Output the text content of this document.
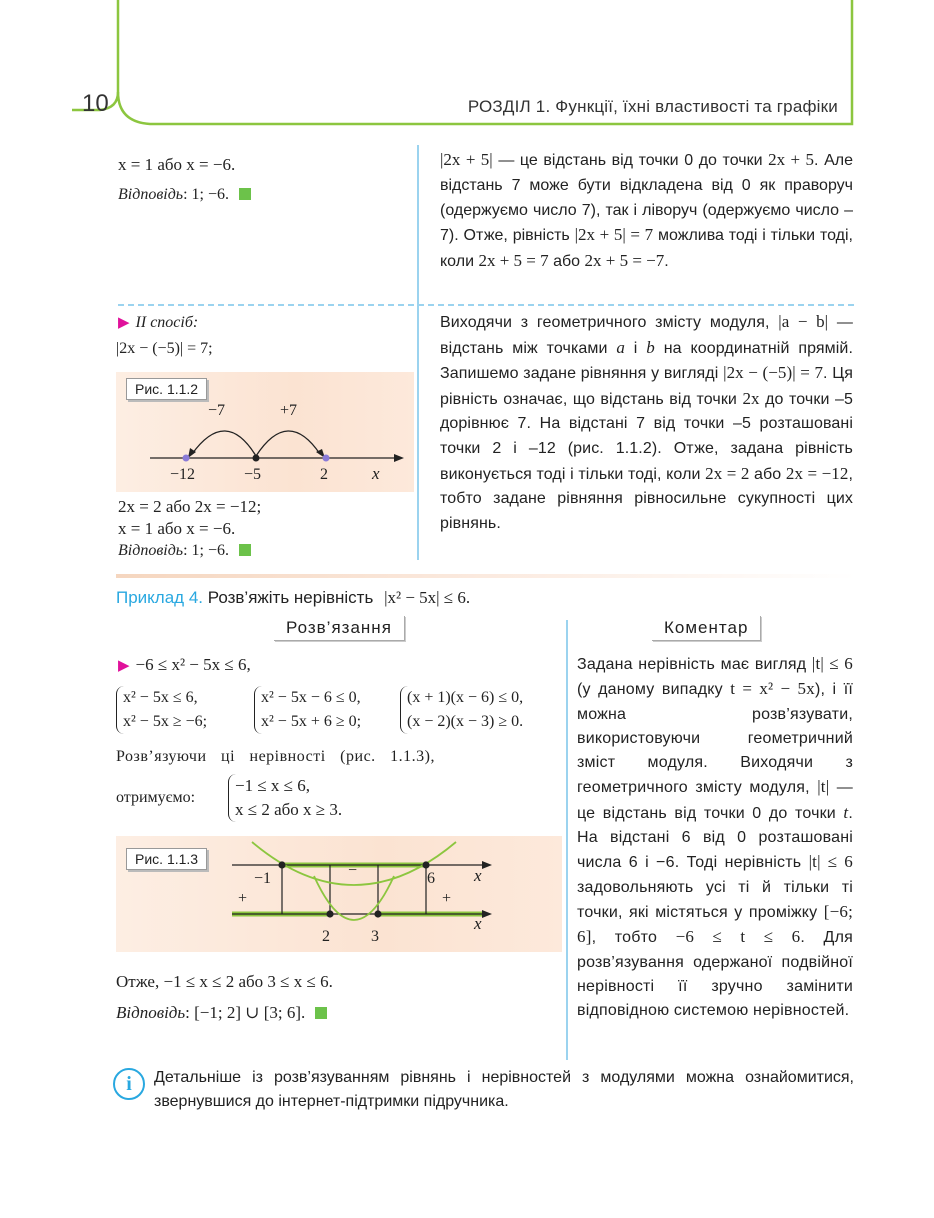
10	РОЗДІЛ 1. Функції, їхні властивості та графіки
x = 1 або x = −6.
Відповідь: 1; −6.
|2x + 5| — це відстань від точки 0 до точки 2x + 5. Але відстань 7 може бути відкладена від 0 як праворуч (одержуємо число 7), так і ліворуч (одержуємо число –7). Отже, рівність |2x + 5| = 7 можлива тоді і тільки тоді, коли 2x + 5 = 7 або 2x + 5 = −7.
▶ II спосіб:
|2x − (−5)| = 7;
Рис. 1.1.2
−7	+7
−12	−5	2	x
2x = 2 або 2x = −12;
x = 1 або x = −6.
Відповідь: 1; −6.
Виходячи з геометричного змісту модуля, |a − b| — відстань між точками a і b на координатній прямій. Запишемо задане рівняння у вигляді |2x − (−5)| = 7. Ця рівність означає, що відстань від точки 2x до точки –5 дорівнює 7. На відстані 7 від точки –5 розташовані точки 2 і –12 (рис. 1.1.2). Отже, задана рівність виконується тоді і тільки тоді, коли 2x = 2 або 2x = −12, тобто задане рівняння рівносильне сукупності цих рівнянь.
Приклад 4. Розв’яжіть нерівність |x² − 5x| ≤ 6.
Розв’язання	Коментар
▶ −6 ≤ x² − 5x ≤ 6,
x² − 5x ≤ 6,
x² − 5x ≥ −6;
x² − 5x − 6 ≤ 0,
x² − 5x + 6 ≥ 0;
(x + 1)(x − 6) ≤ 0,
(x − 2)(x − 3) ≥ 0.
Розв’язуючи ці нерівності (рис. 1.1.3),
отримуємо:
−1 ≤ x ≤ 6,
x ≤ 2 або x ≥ 3.
Рис. 1.1.3
−1	6
2	3
−
+	+
x
x
Отже, −1 ≤ x ≤ 2 або 3 ≤ x ≤ 6.
Відповідь: [−1; 2] ∪ [3; 6].
Задана нерівність має вигляд |t| ≤ 6 (у даному випадку t = x² − 5x), і її можна розв’язувати, використовуючи геометричний зміст модуля. Виходячи з геометричного змісту модуля, |t| — це відстань від точки 0 до точки t. На відстані 6 від 0 розташовані числа 6 і −6. Тоді нерівність |t| ≤ 6 задовольняють усі ті й тільки ті точки, які містяться у проміжку [−6; 6], тобто −6 ≤ t ≤ 6. Для розв’язування одержаної подвійної нерівності її зручно замінити відповідною системою нерівностей.
i	Детальніше із розв’язуванням рівнянь і нерівностей з модулями можна ознайомитися, звернувшися до інтернет-підтримки підручника.
